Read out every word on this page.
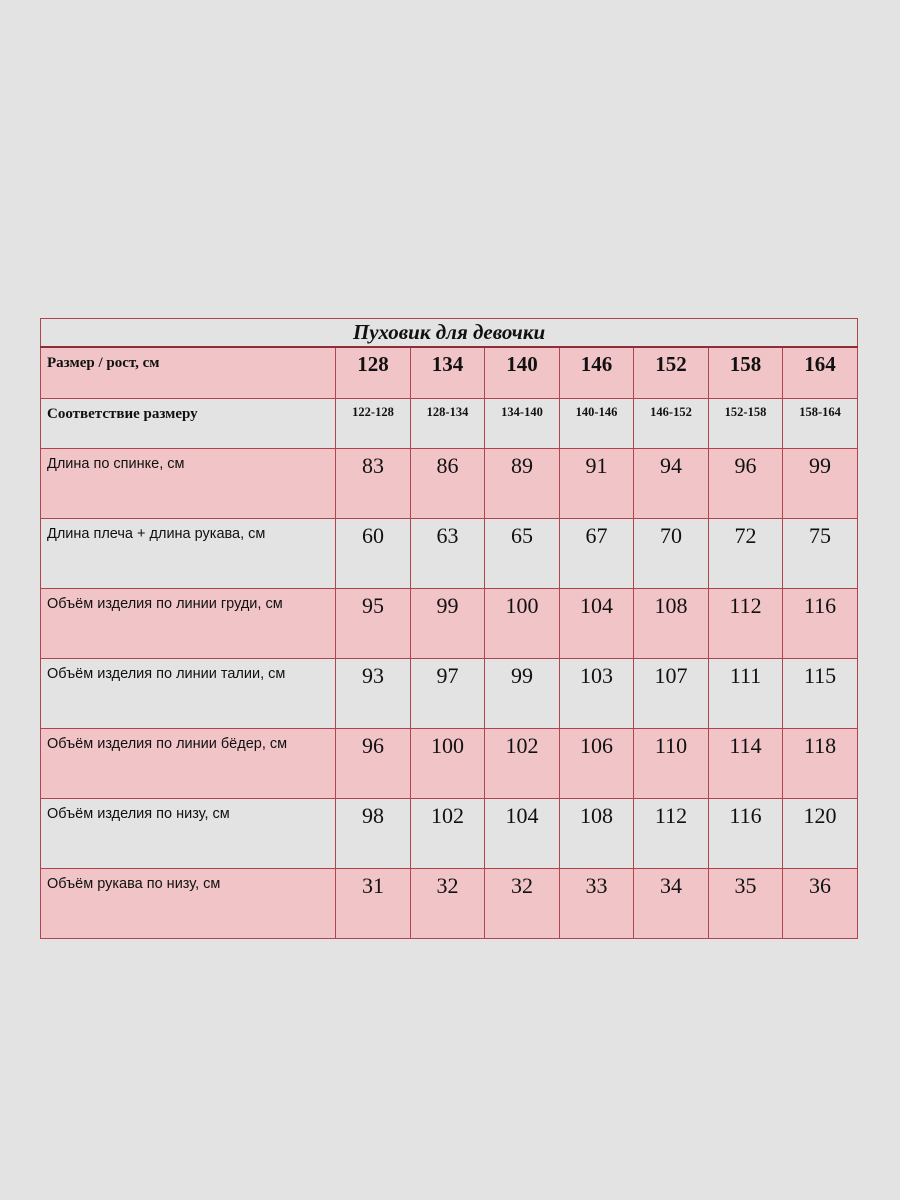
Пуховик для девочки							
Размер / рост, см	128	134	140	146	152	158	164
Соответствие размеру	122-128	128-134	134-140	140-146	146-152	152-158	158-164
Длина по спинке, см	83	86	89	91	94	96	99
Длина плеча + длина рукава, см	60	63	65	67	70	72	75
Объём изделия по линии груди, см	95	99	100	104	108	112	116
Объём изделия по линии талии, см	93	97	99	103	107	111	115
Объём изделия по линии бёдер, см	96	100	102	106	110	114	118
Объём изделия по низу, см	98	102	104	108	112	116	120
Объём рукава по низу, см	31	32	32	33	34	35	36
